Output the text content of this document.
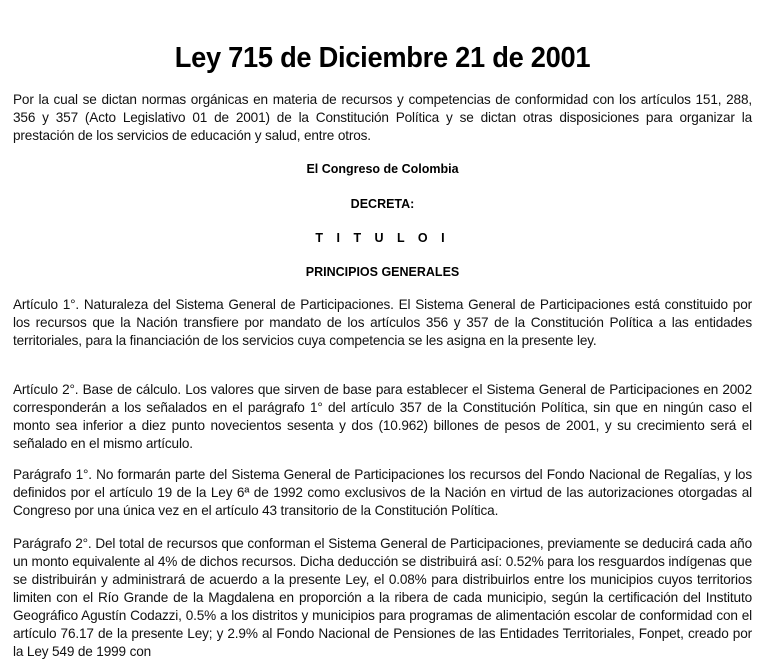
Ley 715 de Diciembre 21 de 2001

Por la cual se dictan normas orgánicas en materia de recursos y competencias de conformidad con los artículos 151, 288, 356 y 357 (Acto Legislativo 01 de 2001) de la Constitución Política y se dictan otras disposiciones para organizar la prestación de los servicios de educación y salud, entre otros.

El Congreso de Colombia
DECRETA:
T I T U L O I
PRINCIPIOS GENERALES

Artículo 1°. Naturaleza del Sistema General de Participaciones. El Sistema General de Participaciones está constituido por los recursos que la Nación transfiere por mandato de los artículos 356 y 357 de la Constitución Política a las entidades territoriales, para la financiación de los servicios cuya competencia se les asigna en la presente ley.

Artículo 2°. Base de cálculo. Los valores que sirven de base para establecer el Sistema General de Participaciones en 2002 corresponderán a los señalados en el parágrafo 1° del artículo 357 de la Constitución Política, sin que en ningún caso el monto sea inferior a diez punto novecientos sesenta y dos (10.962) billones de pesos de 2001, y su crecimiento será el señalado en el mismo artículo.

Parágrafo 1°. No formarán parte del Sistema General de Participaciones los recursos del Fondo Nacional de Regalías, y los definidos por el artículo 19 de la Ley 6ª de 1992 como exclusivos de la Nación en virtud de las autorizaciones otorgadas al Congreso por una única vez en el artículo 43 transitorio de la Constitución Política.

Parágrafo 2°. Del total de recursos que conforman el Sistema General de Participaciones, previamente se deducirá cada año un monto equivalente al 4% de dichos recursos. Dicha deducción se distribuirá así: 0.52% para los resguardos indígenas que se distribuirán y administrará de acuerdo a la presente Ley, el 0.08% para distribuirlos entre los municipios cuyos territorios limiten con el Río Grande de la Magdalena en proporción a la ribera de cada municipio, según la certificación del Instituto Geográfico Agustín Codazzi, 0.5% a los distritos y municipios para programas de alimentación escolar de conformidad con el artículo 76.17 de la presente Ley; y 2.9% al Fondo Nacional de Pensiones de las Entidades Territoriales, Fonpet, creado por la Ley 549 de 1999 con
